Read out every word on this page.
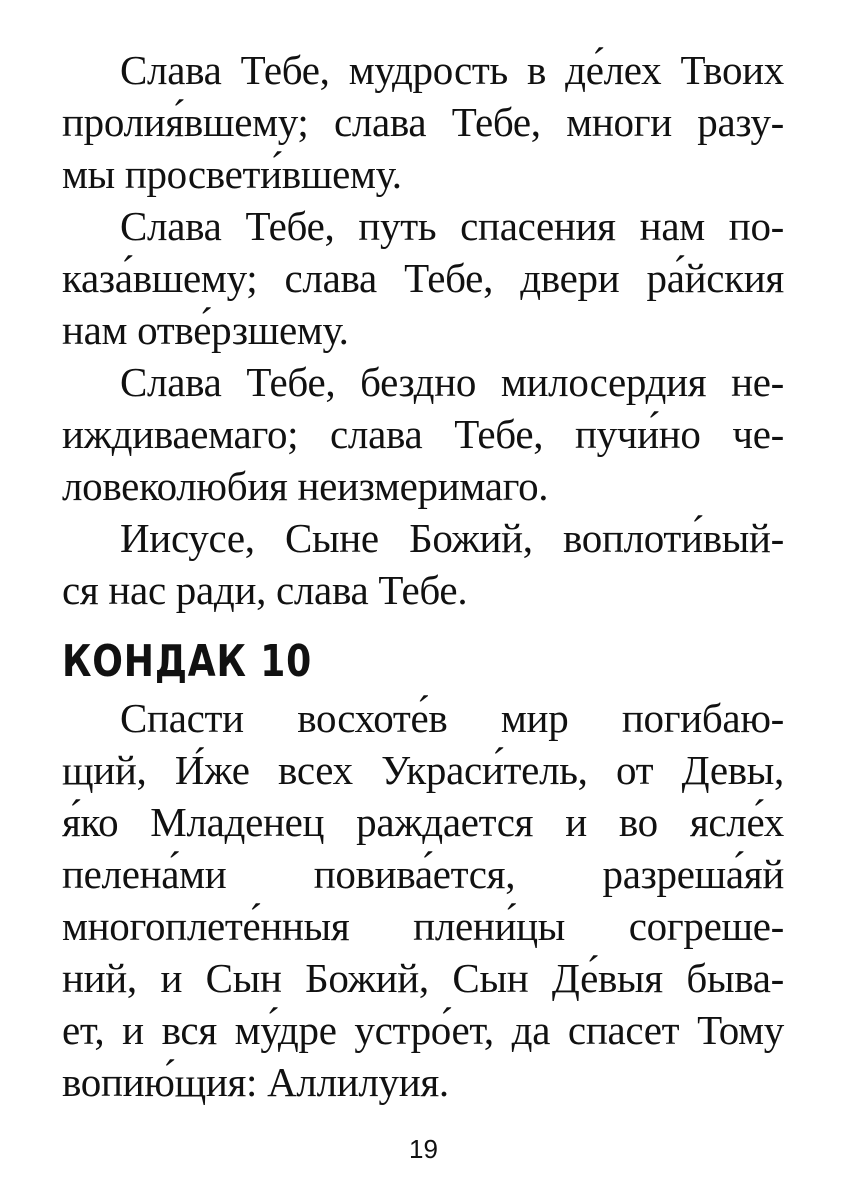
Слава Тебе, мудрость в де́лех Твоих
пролия́вшему; слава Тебе, многи разу-
мы просвети́вшему.
Слава Тебе, путь спасения нам по-
каза́вшему; слава Тебе, двери ра́йския
нам отве́рзшему.
Слава Тебе, бездно милосердия не-
иждиваемаго; слава Тебе, пучи́но че-
ловеколюбия неизмеримаго.
Иисусе, Сыне Божий, воплоти́вый-
ся нас ради, слава Тебе.
КОНДАК 10
Спасти восхоте́в мир погибаю-
щий, И́же всех Украси́тель, от Девы,
я́ко Младенец раждается и во ясле́х
пелена́ми повива́ется, разреша́яй
многоплете́нныя плени́цы согреше-
ний, и Сын Божий, Сын Де́выя быва-
ет, и вся му́дре устро́ет, да спасет Тому
вопию́щия: Аллилуия.
19
